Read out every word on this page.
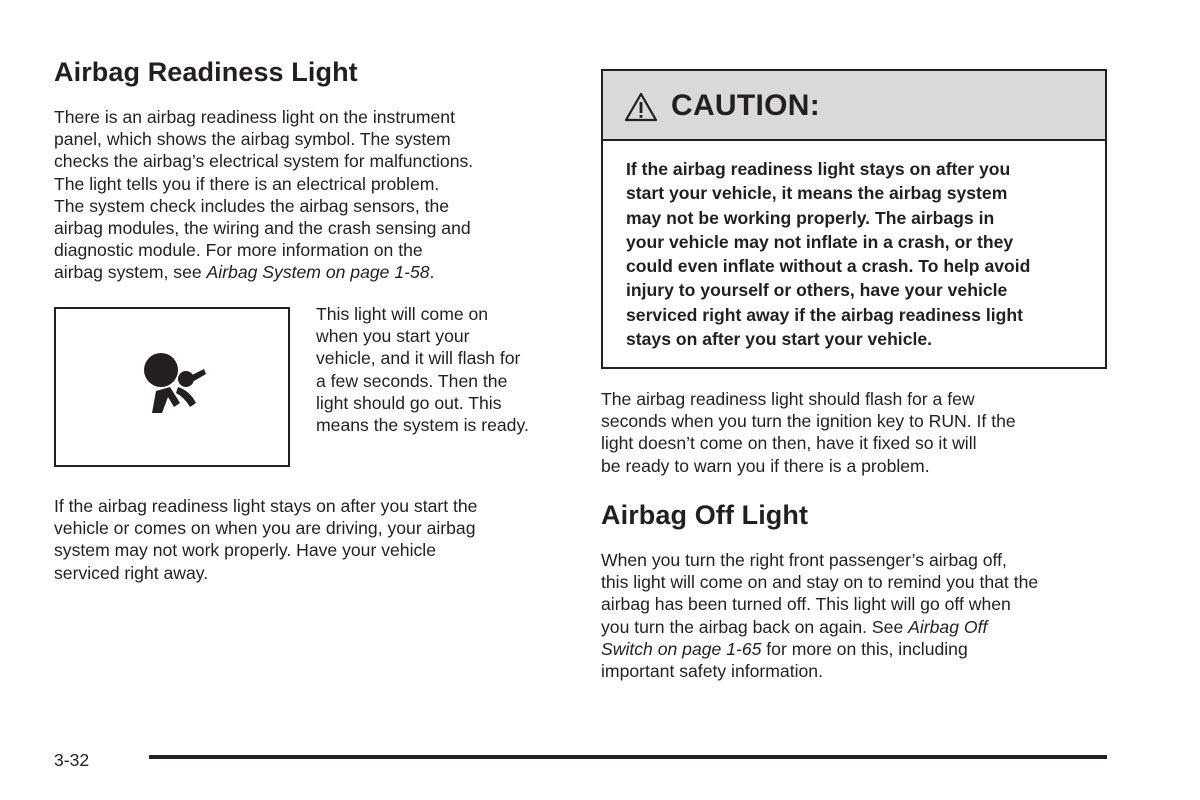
Airbag Readiness Light

There is an airbag readiness light on the instrument
panel, which shows the airbag symbol. The system
checks the airbag’s electrical system for malfunctions.
The light tells you if there is an electrical problem.
The system check includes the airbag sensors, the
airbag modules, the wiring and the crash sensing and
diagnostic module. For more information on the
airbag system, see Airbag System on page 1-58.

This light will come on
when you start your
vehicle, and it will flash for
a few seconds. Then the
light should go out. This
means the system is ready.

If the airbag readiness light stays on after you start the
vehicle or comes on when you are driving, your airbag
system may not work properly. Have your vehicle
serviced right away.

CAUTION:
If the airbag readiness light stays on after you
start your vehicle, it means the airbag system
may not be working properly. The airbags in
your vehicle may not inflate in a crash, or they
could even inflate without a crash. To help avoid
injury to yourself or others, have your vehicle
serviced right away if the airbag readiness light
stays on after you start your vehicle.

The airbag readiness light should flash for a few
seconds when you turn the ignition key to RUN. If the
light doesn’t come on then, have it fixed so it will
be ready to warn you if there is a problem.

Airbag Off Light

When you turn the right front passenger’s airbag off,
this light will come on and stay on to remind you that the
airbag has been turned off. This light will go off when
you turn the airbag back on again. See Airbag Off
Switch on page 1-65 for more on this, including
important safety information.

3-32
